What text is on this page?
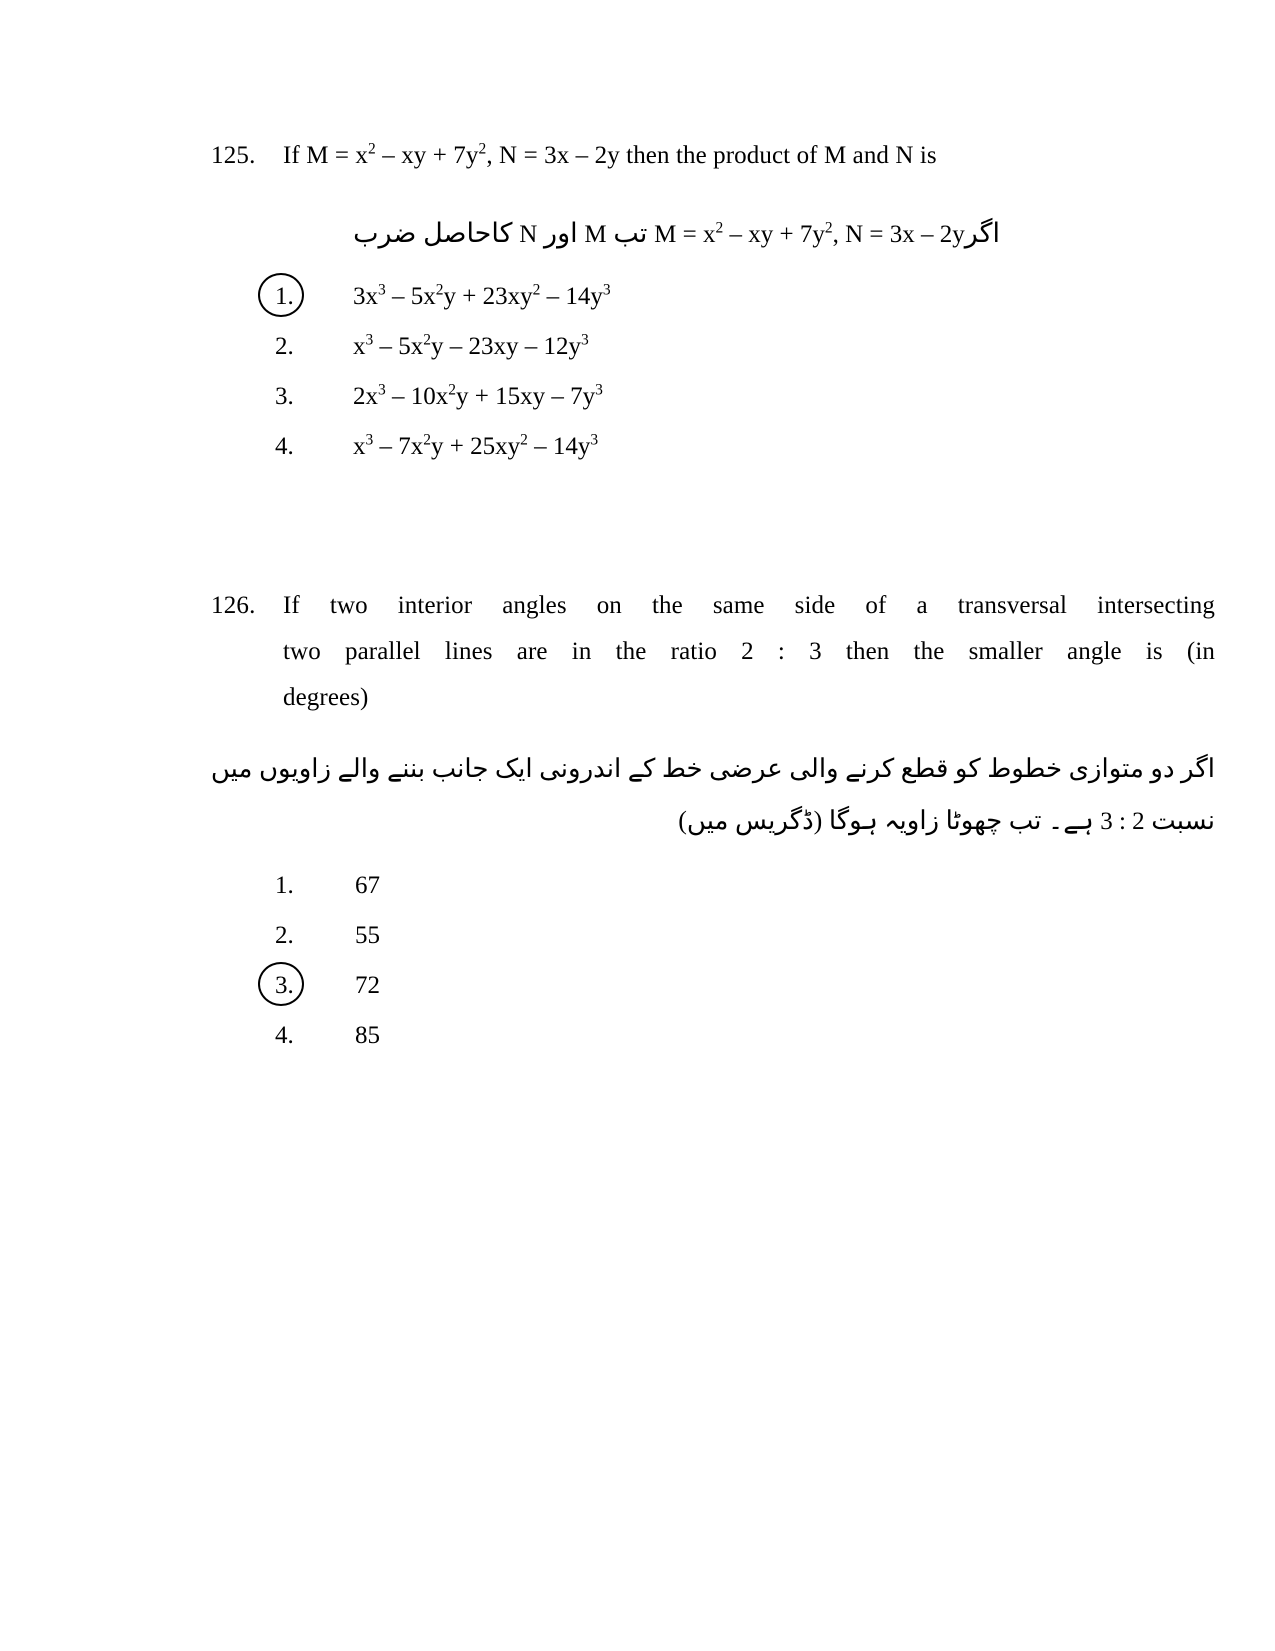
125.	If $M = x^2$ – xy + $7y^2$, N = 3x – 2y then the product of M and N is
اگرM = $x^2$ – xy + $7y^2$, N = 3x – 2y تب M اور N کاحاصل ضرب
1.	$3x^3 - 5x^2y + 23xy^2 - 14y^3$
2.	$x^3 - 5x^2y - 23xy - 12y^3$
3.	$2x^3 - 10x^2y + 15xy - 7y^3$
4.	$x^3 - 7x^2y + 25xy^2 - 14y^3$
126.	If two interior angles on the same side of a transversal intersecting
two parallel lines are in the ratio 2 : 3 then the smaller angle is (in
degrees)
اگر دو متوازی خطوط کو قطع کرنے والی عرضی خط کے اندرونی ایک جانب بننے والے زاویوں میں
نسبت 3 : 2 ہے۔ تب چھوٹا زاویہ ہوگا (ڈگریس میں)
1.	67
2.	55
3.	72
4.	85
